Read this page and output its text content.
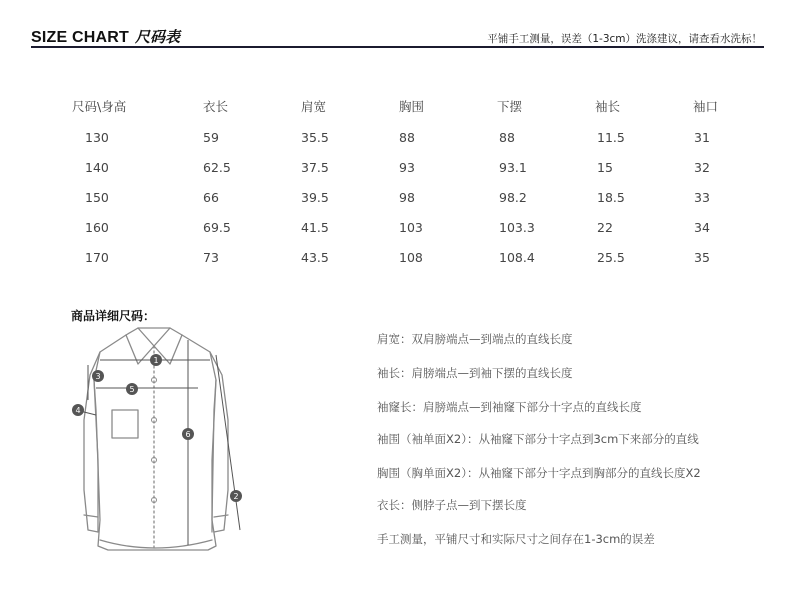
SIZE CHART 尺码表	平铺手工测量，误差（1-3cm）洗涤建议，请查看水洗标！
尺码\身高	衣长	肩宽	胸围	下摆	袖长	袖口
130	59	35.5	88	88	11.5	31
140	62.5	37.5	93	93.1	15	32
150	66	39.5	98	98.2	18.5	33
160	69.5	41.5	103	103.3	22	34
170	73	43.5	108	108.4	25.5	35
商品详细尺码：
1
2
3
4
5
6
肩宽：双肩膀端点—到端点的直线长度
袖长：肩膀端点—到袖下摆的直线长度
袖窿长：肩膀端点—到袖窿下部分十字点的直线长度
袖围（袖单面X2）：从袖窿下部分十字点到3cm下来部分的直线
胸围（胸单面X2）：从袖窿下部分十字点到胸部分的直线长度X2
衣长：侧脖子点—到下摆长度
手工测量，平铺尺寸和实际尺寸之间存在1-3cm的误差
